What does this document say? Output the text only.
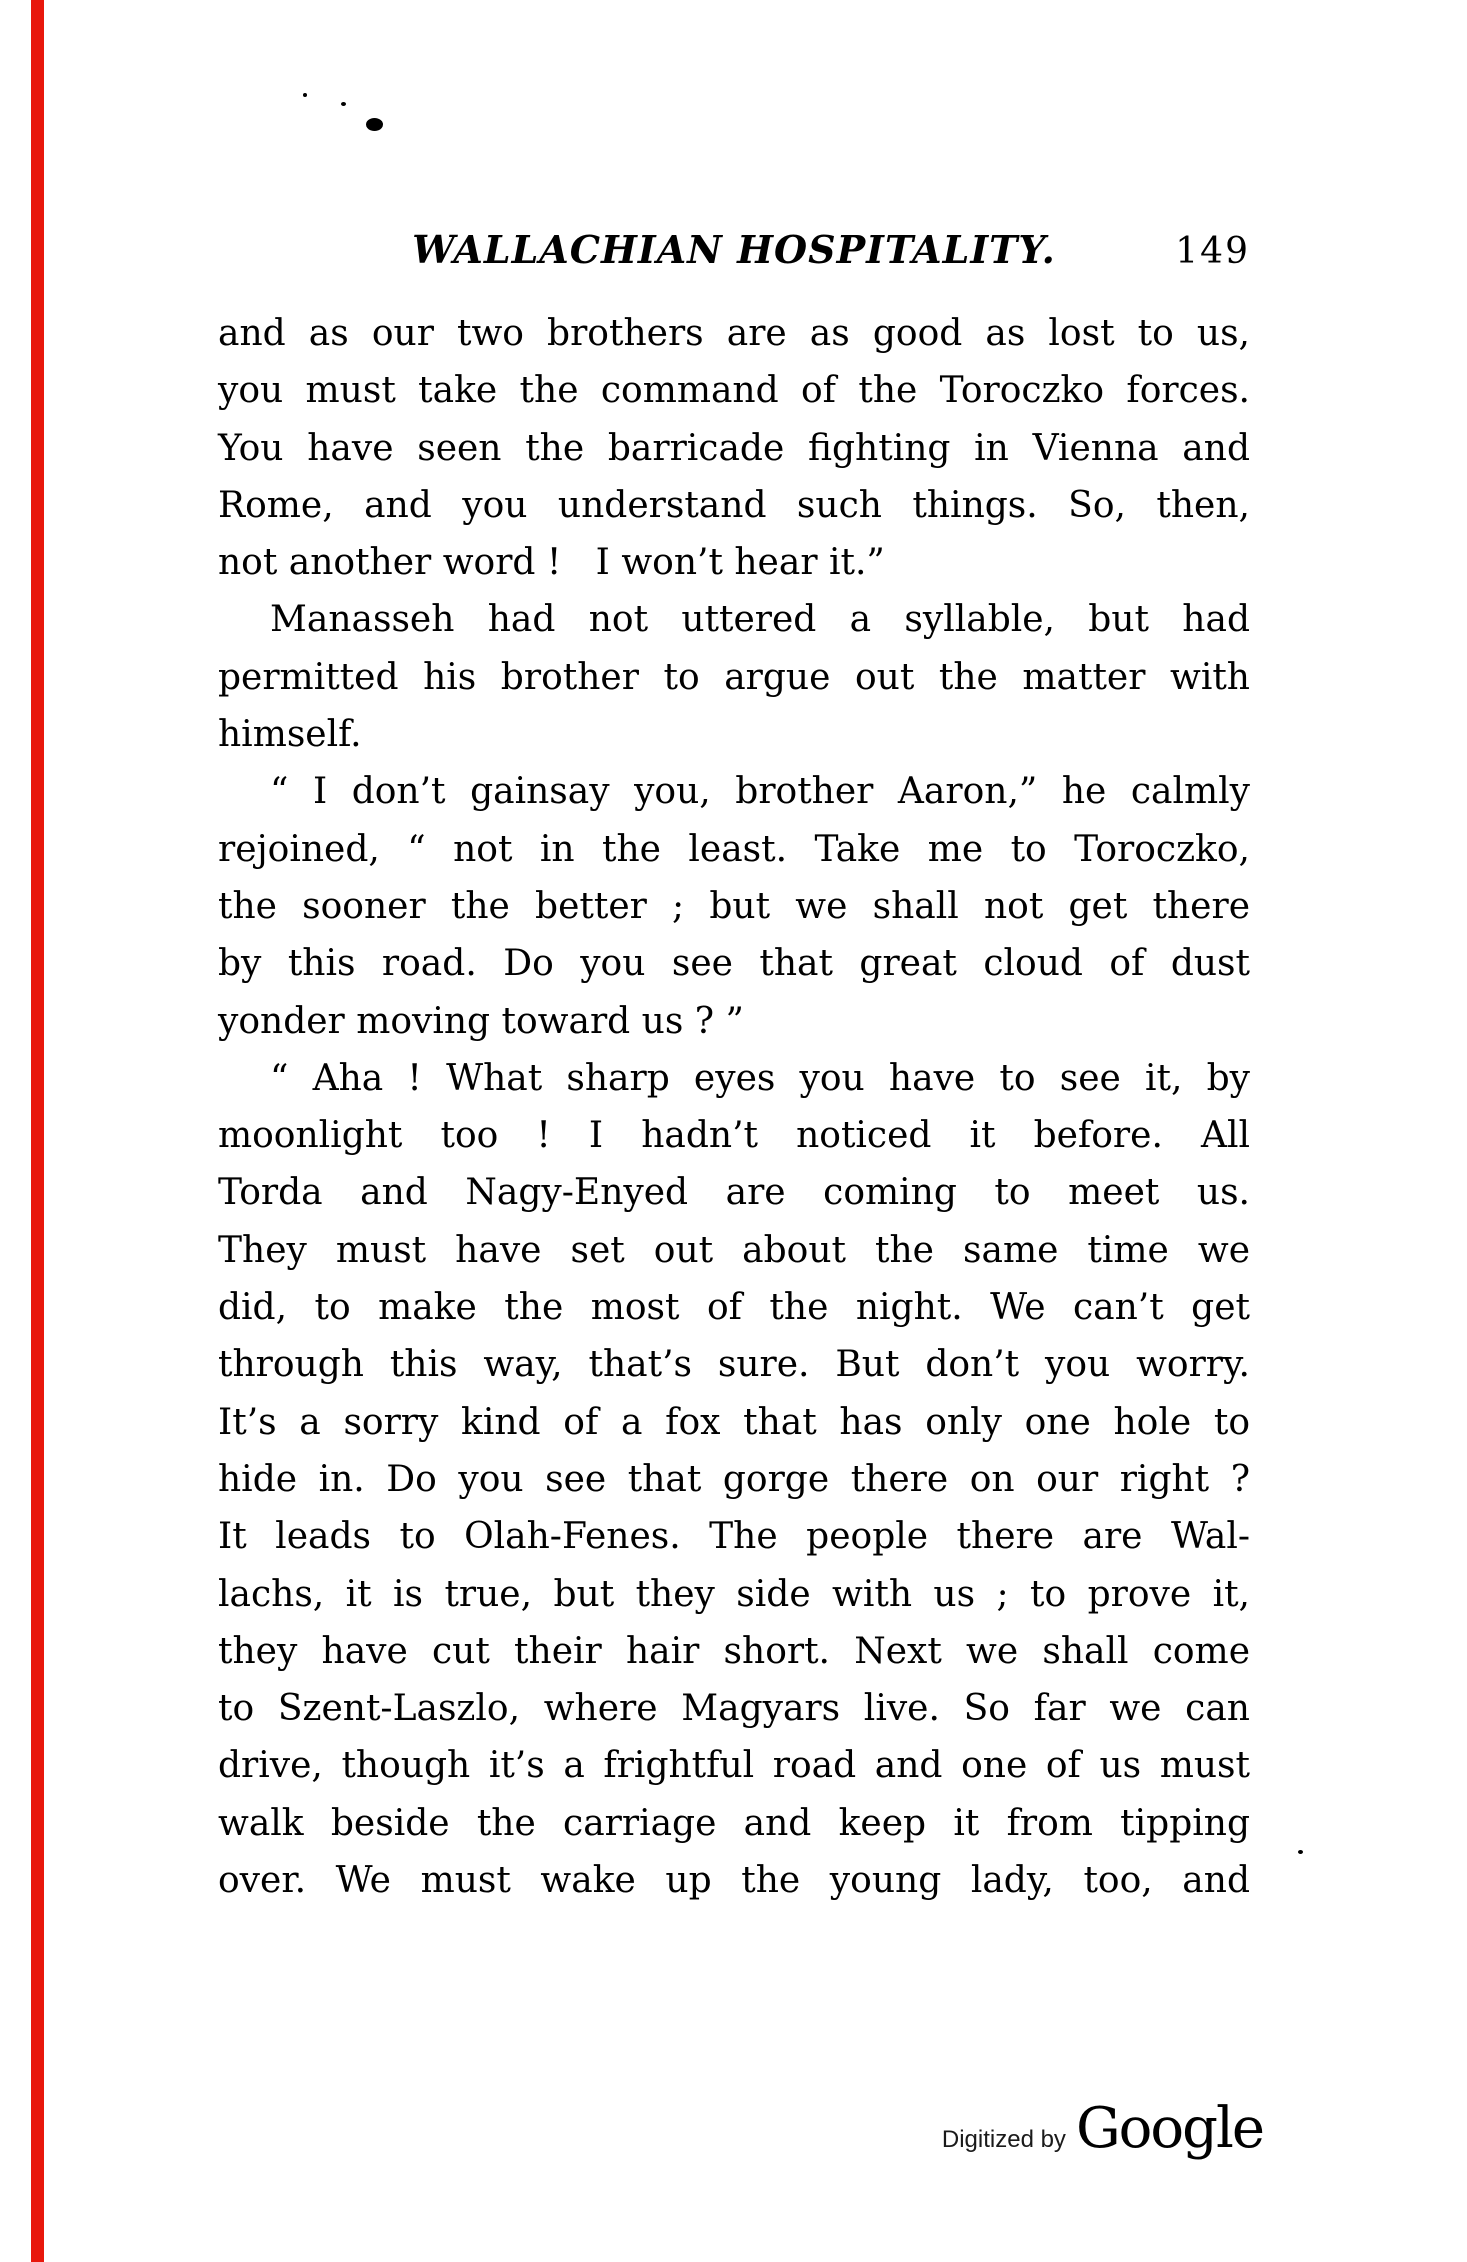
WALLACHIAN HOSPITALITY.	149
and as our two brothers are as good as lost to us,
you must take the command of the Toroczko forces.
You have seen the barricade fighting in Vienna and
Rome, and you understand such things. So, then,
not another word !   I won’t hear it.”
Manasseh had not uttered a syllable, but had
permitted his brother to argue out the matter with
himself.
“ I don’t gainsay you, brother Aaron,” he calmly
rejoined, “ not in the least. Take me to Toroczko,
the sooner the better ; but we shall not get there
by this road. Do you see that great cloud of dust
yonder moving toward us ? ”
“ Aha ! What sharp eyes you have to see it, by
moonlight too ! I hadn’t noticed it before. All
Torda and Nagy-Enyed are coming to meet us.
They must have set out about the same time we
did, to make the most of the night. We can’t get
through this way, that’s sure. But don’t you worry.
It’s a sorry kind of a fox that has only one hole to
hide in. Do you see that gorge there on our right ?
It leads to Olah-Fenes. The people there are Wal-
lachs, it is true, but they side with us ; to prove it,
they have cut their hair short. Next we shall come
to Szent-Laszlo, where Magyars live. So far we can
drive, though it’s a frightful road and one of us must
walk beside the carriage and keep it from tipping
over. We must wake up the young lady, too, and
Digitized by Google
